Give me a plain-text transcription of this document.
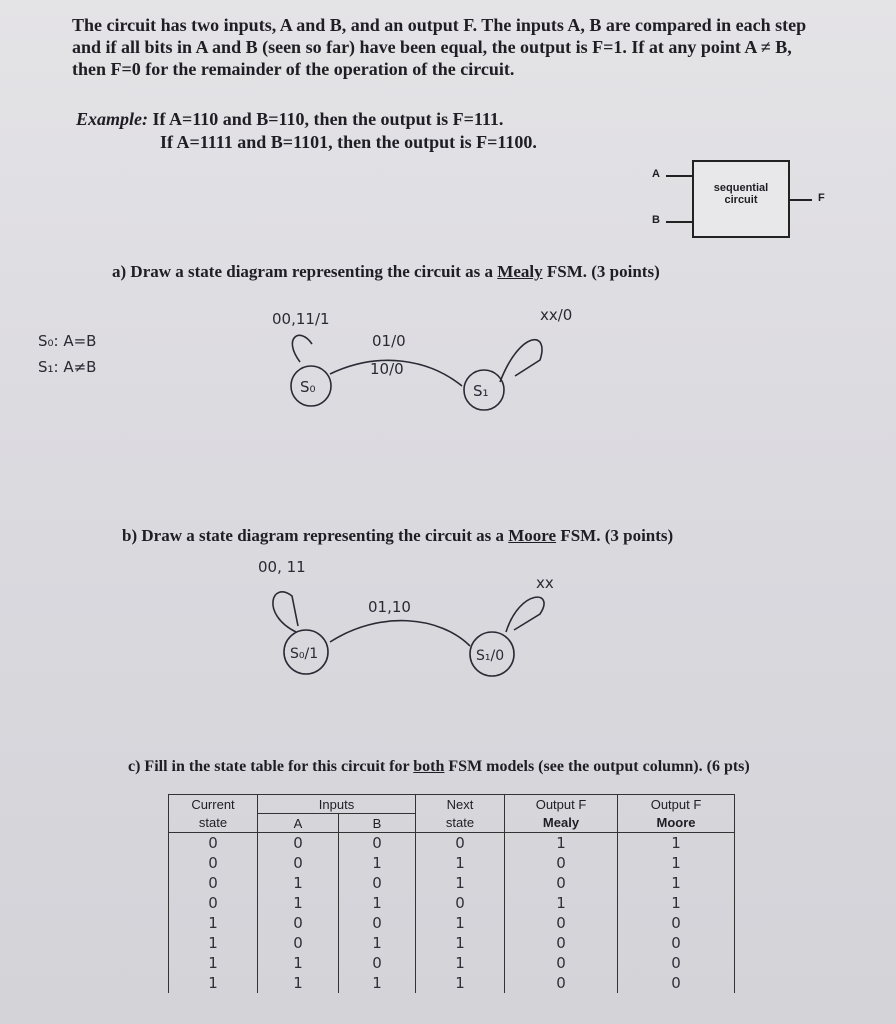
The circuit has two inputs, A and B, and an output F. The inputs A, B are compared in each step
and if all bits in A and B (seen so far) have been equal, the output is F=1. If at any point A ≠ B,
then F=0 for the remainder of the operation of the circuit.
Example: If A=110 and B=110, then the output is F=111.
If A=1111 and B=1101, then the output is F=1100.
A
B
sequential
circuit	F
a) Draw a state diagram representing the circuit as a Mealy FSM. (3 points)
S₀: A=B
S₁: A≠B
00,11/1	xx/0
01/0
10/0
S₀	S₁
b) Draw a state diagram representing the circuit as a Moore FSM. (3 points)
00, 11
xx
01,10
S₀/1	S₁/0
c) Fill in the state table for this circuit for both FSM models (see the output column). (6 pts)
Current	Inputs		Next	Output F	Output F
state	A	B	state	Mealy	Moore
0	0	0	0	1	1
0	0	1	1	0	1
0	1	0	1	0	1
0	1	1	0	1	1
1	0	0	1	0	0
1	0	1	1	0	0
1	1	0	1	0	0
1	1	1	1	0	0
